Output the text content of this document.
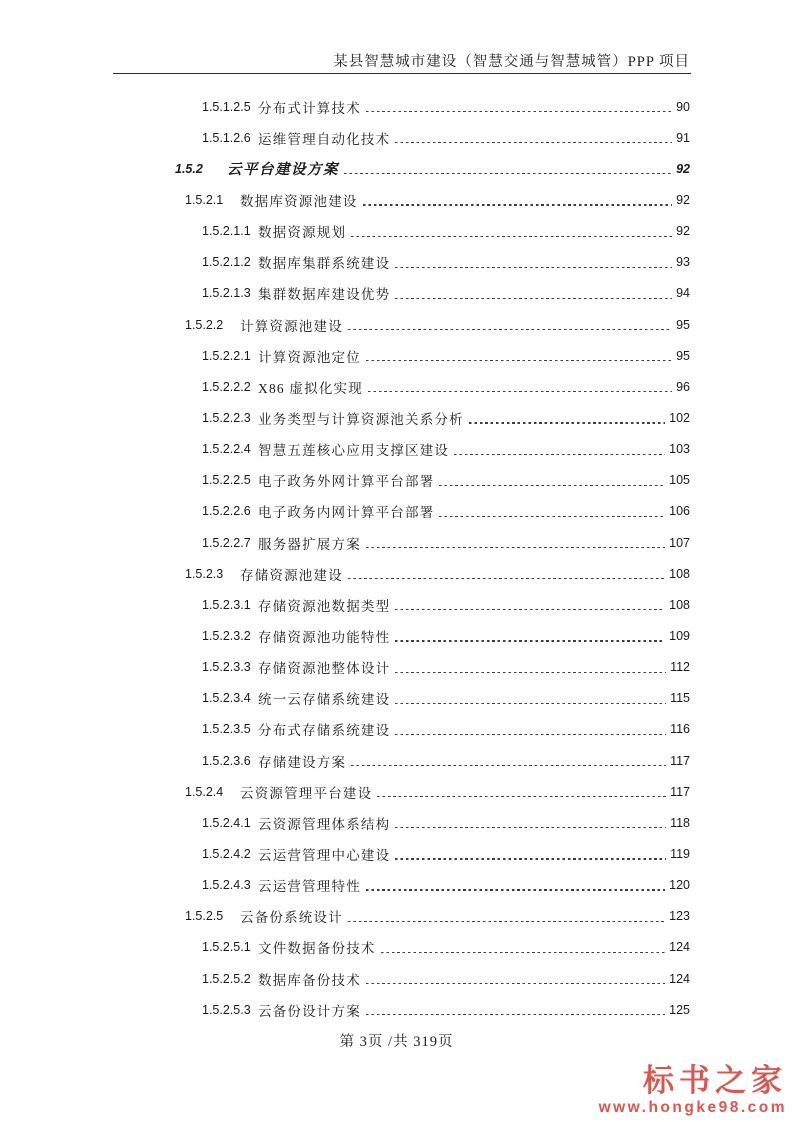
某县智慧城市建设（智慧交通与智慧城管）PPP 项目
1.5.1.2.5 分布式计算技术	90
1.5.1.2.6 运维管理自动化技术	91
1.5.2	云平台建设方案	92
1.5.2.1	数据库资源池建设	92
1.5.2.1.1 数据资源规划	92
1.5.2.1.2 数据库集群系统建设	93
1.5.2.1.3 集群数据库建设优势	94
1.5.2.2	计算资源池建设	95
1.5.2.2.1 计算资源池定位	95
1.5.2.2.2 X86 虚拟化实现	96
1.5.2.2.3 业务类型与计算资源池关系分析	102
1.5.2.2.4 智慧五莲核心应用支撑区建设	103
1.5.2.2.5 电子政务外网计算平台部署	105
1.5.2.2.6 电子政务内网计算平台部署	106
1.5.2.2.7 服务器扩展方案	107
1.5.2.3	存储资源池建设	108
1.5.2.3.1 存储资源池数据类型	108
1.5.2.3.2 存储资源池功能特性	109
1.5.2.3.3 存储资源池整体设计	112
1.5.2.3.4 统一云存储系统建设	115
1.5.2.3.5 分布式存储系统建设	116
1.5.2.3.6 存储建设方案	117
1.5.2.4	云资源管理平台建设	117
1.5.2.4.1 云资源管理体系结构	118
1.5.2.4.2 云运营管理中心建设	119
1.5.2.4.3 云运营管理特性	120
1.5.2.5	云备份系统设计	123
1.5.2.5.1 文件数据备份技术	124
1.5.2.5.2 数据库备份技术	124
1.5.2.5.3 云备份设计方案	125
第 3页 /共 319页
标书之家
www.hongke98.com
